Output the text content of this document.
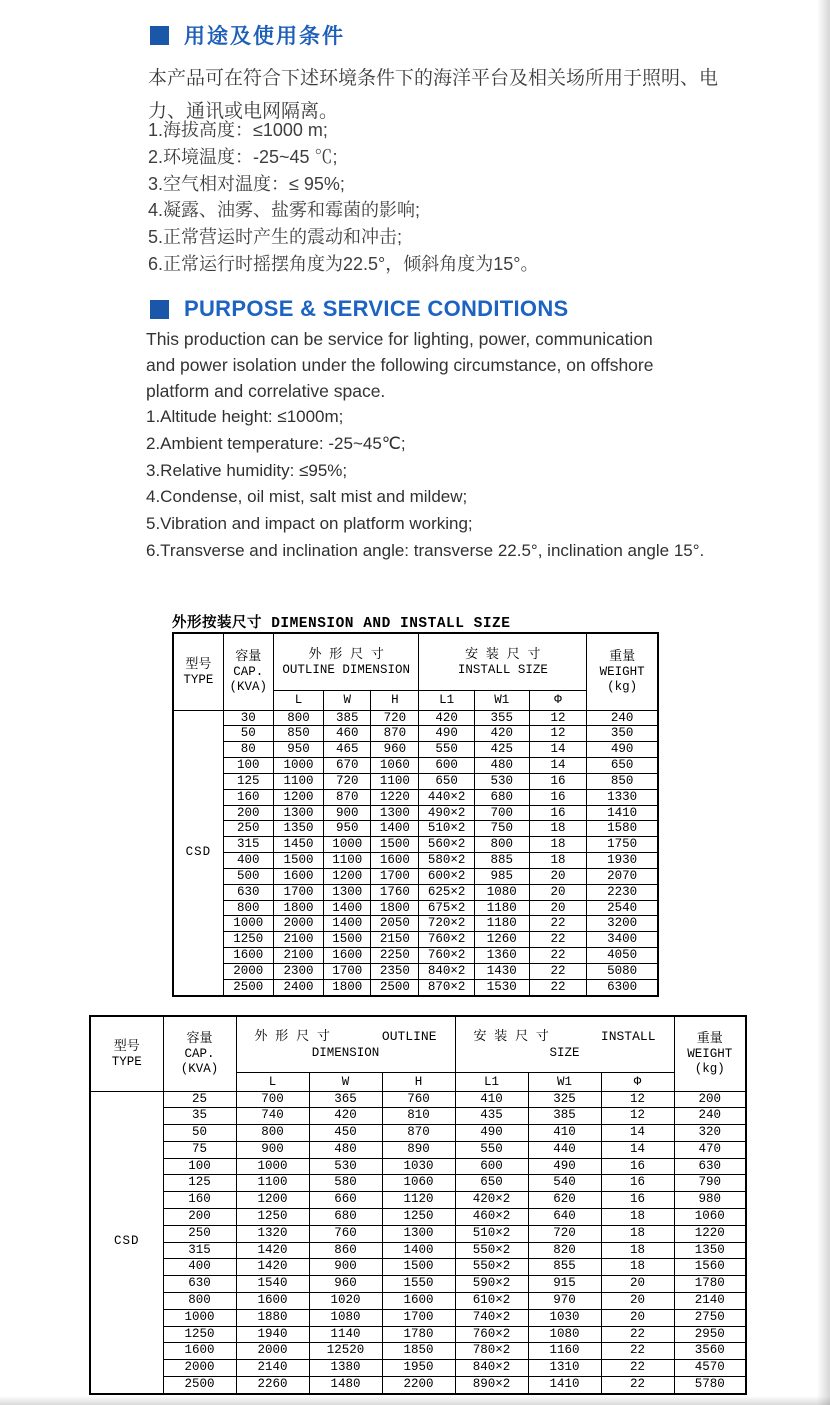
用途及使用条件
本产品可在符合下述环境条件下的海洋平台及相关场所用于照明、电力、通讯或电网隔离。
1.海拔高度：≤1000 m;
2.环境温度：-25~45 ℃;
3.空气相对温度：≤ 95%;
4.凝露、油雾、盐雾和霉菌的影响;
5.正常营运时产生的震动和冲击;
6.正常运行时摇摆角度为22.5°，倾斜角度为15°。
PURPOSE & SERVICE CONDITIONS
This production can be service for lighting, power, communication and power isolation under the following circumstance, on offshore platform and correlative space.
1.Altitude height: ≤1000m;
2.Ambient temperature: -25~45℃;
3.Relative humidity: ≤95%;
4.Condense, oil mist, salt mist and mildew;
5.Vibration and impact on platform working;
6.Transverse and inclination angle: transverse 22.5°, inclination angle 15°.
外形按装尺寸 DIMENSION AND INSTALL SIZE
型号
TYPE

容量
CAP.
(KVA)

外 形 尺 寸
OUTLINE DIMENSION

安 装 尺 寸
INSTALL SIZE

重量
WEIGHT
(kg)

		L	W	H	L1	W1	Φ	
CSD	30	800	385	720	420	355	12	240
	50	850	460	870	490	420	12	350
	80	950	465	960	550	425	14	490
	100	1000	670	1060	600	480	14	650
	125	1100	720	1100	650	530	16	850
	160	1200	870	1220	440×2	680	16	1330
	200	1300	900	1300	490×2	700	16	1410
	250	1350	950	1400	510×2	750	18	1580
	315	1450	1000	1500	560×2	800	18	1750
	400	1500	1100	1600	580×2	885	18	1930
	500	1600	1200	1700	600×2	985	20	2070
	630	1700	1300	1760	625×2	1080	20	2230
	800	1800	1400	1800	675×2	1180	20	2540
	1000	2000	1400	2050	720×2	1180	22	3200
	1250	2100	1500	2150	760×2	1260	22	3400
	1600	2100	1600	2250	760×2	1360	22	4050
	2000	2300	1700	2350	840×2	1430	22	5080
	2500	2400	1800	2500	870×2	1530	22	6300
型号
TYPE

容量
CAP.
(KVA)

外 形 尺 寸	OUTLINE
DIMENSION

安 装 尺 寸	INSTALL
SIZE

重量
WEIGHT
(kg)

		L	W	H	L1	W1	Φ	
CSD	25	700	365	760	410	325	12	200
	35	740	420	810	435	385	12	240
	50	800	450	870	490	410	14	320
	75	900	480	890	550	440	14	470
	100	1000	530	1030	600	490	16	630
	125	1100	580	1060	650	540	16	790
	160	1200	660	1120	420×2	620	16	980
	200	1250	680	1250	460×2	640	18	1060
	250	1320	760	1300	510×2	720	18	1220
	315	1420	860	1400	550×2	820	18	1350
	400	1420	900	1500	550×2	855	18	1560
	630	1540	960	1550	590×2	915	20	1780
	800	1600	1020	1600	610×2	970	20	2140
	1000	1880	1080	1700	740×2	1030	20	2750
	1250	1940	1140	1780	760×2	1080	22	2950
	1600	2000	12520	1850	780×2	1160	22	3560
	2000	2140	1380	1950	840×2	1310	22	4570
	2500	2260	1480	2200	890×2	1410	22	5780
